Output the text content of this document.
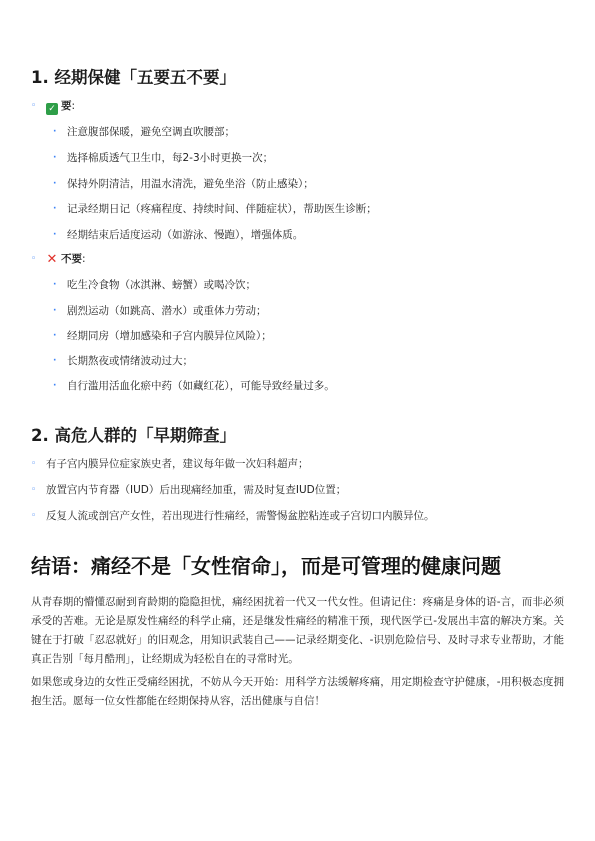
1. 经期保健「五要五不要」
◦	✓ 要:
·	注意腹部保暖，避免空调直吹腰部；
·	选择棉质透气卫生巾，每2-3小时更换一次；
·	保持外阴清洁，用温水清洗，避免坐浴（防止感染）；
·	记录经期日记（疼痛程度、持续时间、伴随症状），帮助医生诊断；
·	经期结束后适度运动（如游泳、慢跑），增强体质。
◦ ✕ 不要:
·	吃生冷食物（冰淇淋、螃蟹）或喝冷饮；
·	剧烈运动（如跳高、潜水）或重体力劳动；
·	经期同房（增加感染和子宫内膜异位风险）；
·	长期熬夜或情绪波动过大；
·	自行滥用活血化瘀中药（如藏红花），可能导致经量过多。
2. 高危人群的「早期筛查」
◦ 有子宫内膜异位症家族史者，建议每年做一次妇科超声；
◦ 放置宫内节育器（IUD）后出现痛经加重，需及时复查IUD位置；
◦ 反复人流或剖宫产女性，若出现进行性痛经，需警惕盆腔粘连或子宫切口内膜异位。
结语：痛经不是「女性宿命」，而是可管理的健康问题

从青春期的懵懂忍耐到育龄期的隐隐担忧，痛经困扰着一代又一代女性。但请记住：疼痛是身体的语-言，而非必须承受的苦难。无论是原发性痛经的科学止痛，还是继发性痛经的精准干预，现代医学已-发展出丰富的解决方案。关键在于打破「忍忍就好」的旧观念，用知识武装自己——记录经期变化、-识别危险信号、及时寻求专业帮助，才能真正告别「每月酷刑」，让经期成为轻松自在的寻常时光。

如果您或身边的女性正受痛经困扰，不妨从今天开始：用科学方法缓解疼痛，用定期检查守护健康，-用积极态度拥抱生活。愿每一位女性都能在经期保持从容，活出健康与自信！
